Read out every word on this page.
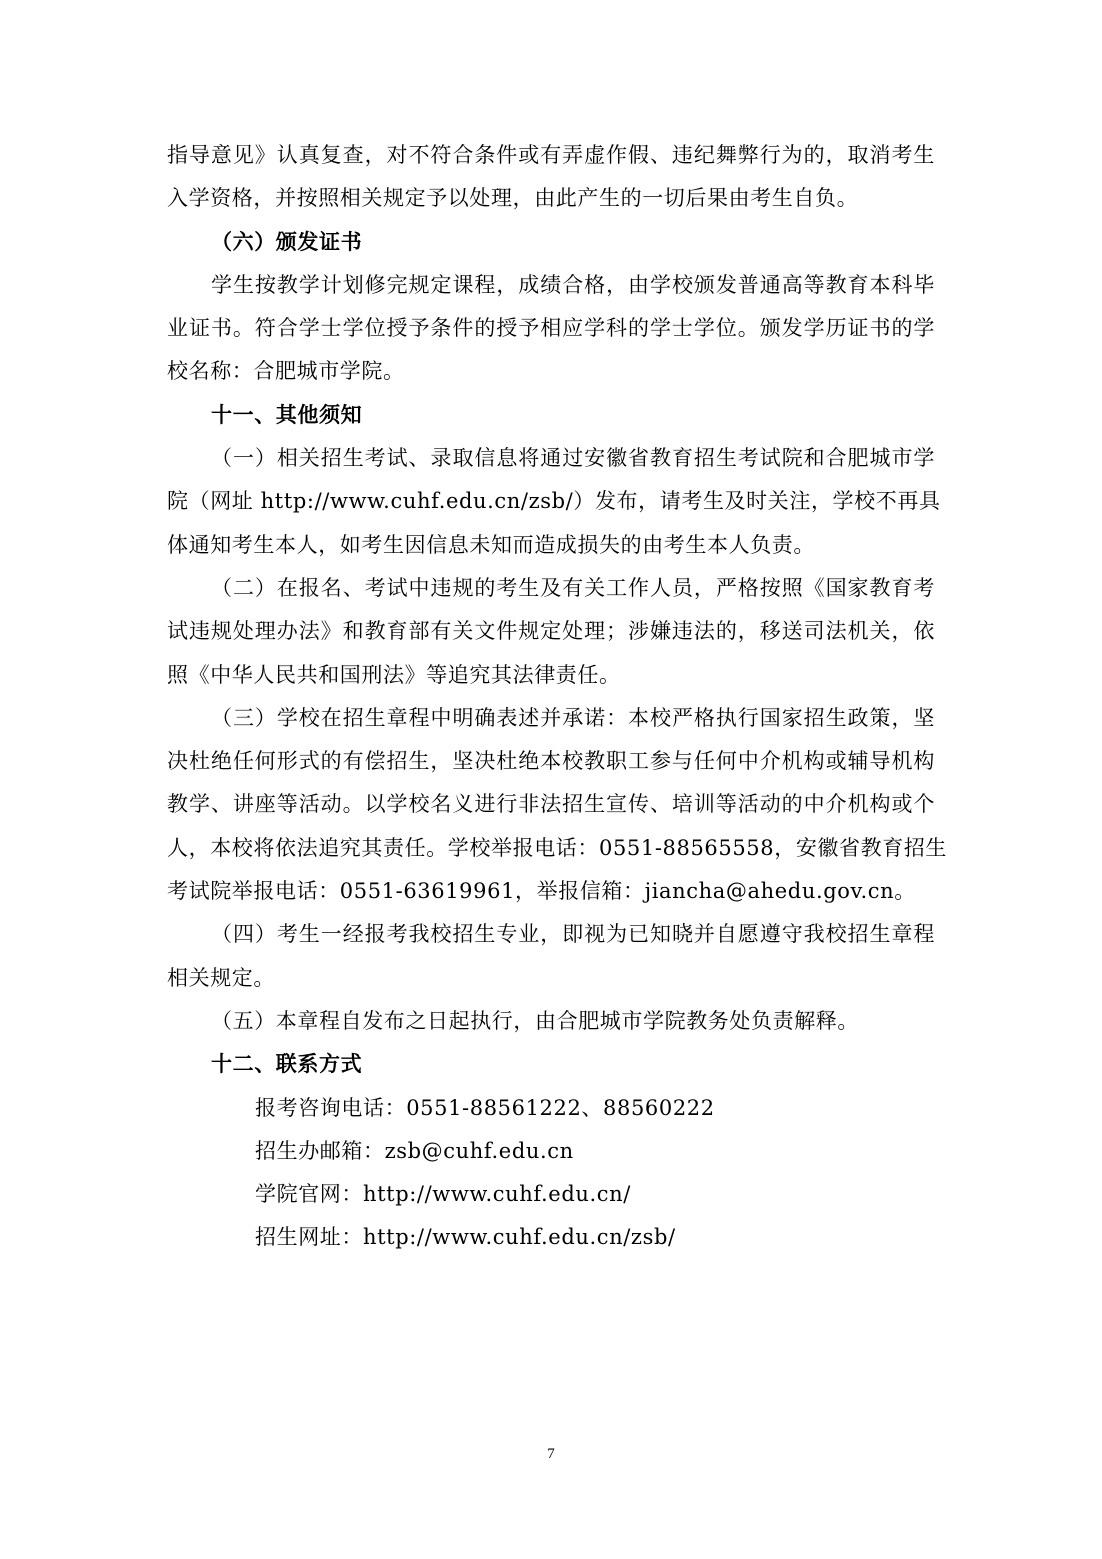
指导意见》认真复查，对不符合条件或有弄虚作假、违纪舞弊行为的，取消考生
入学资格，并按照相关规定予以处理，由此产生的一切后果由考生自负。
（六）颁发证书
学生按教学计划修完规定课程，成绩合格，由学校颁发普通高等教育本科毕
业证书。符合学士学位授予条件的授予相应学科的学士学位。颁发学历证书的学
校名称：合肥城市学院。
十一、其他须知
（一）相关招生考试、录取信息将通过安徽省教育招生考试院和合肥城市学
院（网址 http://www.cuhf.edu.cn/zsb/）发布，请考生及时关注，学校不再具
体通知考生本人，如考生因信息未知而造成损失的由考生本人负责。
（二）在报名、考试中违规的考生及有关工作人员，严格按照《国家教育考
试违规处理办法》和教育部有关文件规定处理；涉嫌违法的，移送司法机关，依
照《中华人民共和国刑法》等追究其法律责任。
（三）学校在招生章程中明确表述并承诺：本校严格执行国家招生政策，坚
决杜绝任何形式的有偿招生，坚决杜绝本校教职工参与任何中介机构或辅导机构
教学、讲座等活动。以学校名义进行非法招生宣传、培训等活动的中介机构或个
人，本校将依法追究其责任。学校举报电话：0551-88565558，安徽省教育招生
考试院举报电话：0551-63619961，举报信箱：jiancha@ahedu.gov.cn。
（四）考生一经报考我校招生专业，即视为已知晓并自愿遵守我校招生章程
相关规定。
（五）本章程自发布之日起执行，由合肥城市学院教务处负责解释。
十二、联系方式
报考咨询电话：0551-88561222、88560222
招生办邮箱：zsb@cuhf.edu.cn
学院官网：http://www.cuhf.edu.cn/
招生网址：http://www.cuhf.edu.cn/zsb/
7
